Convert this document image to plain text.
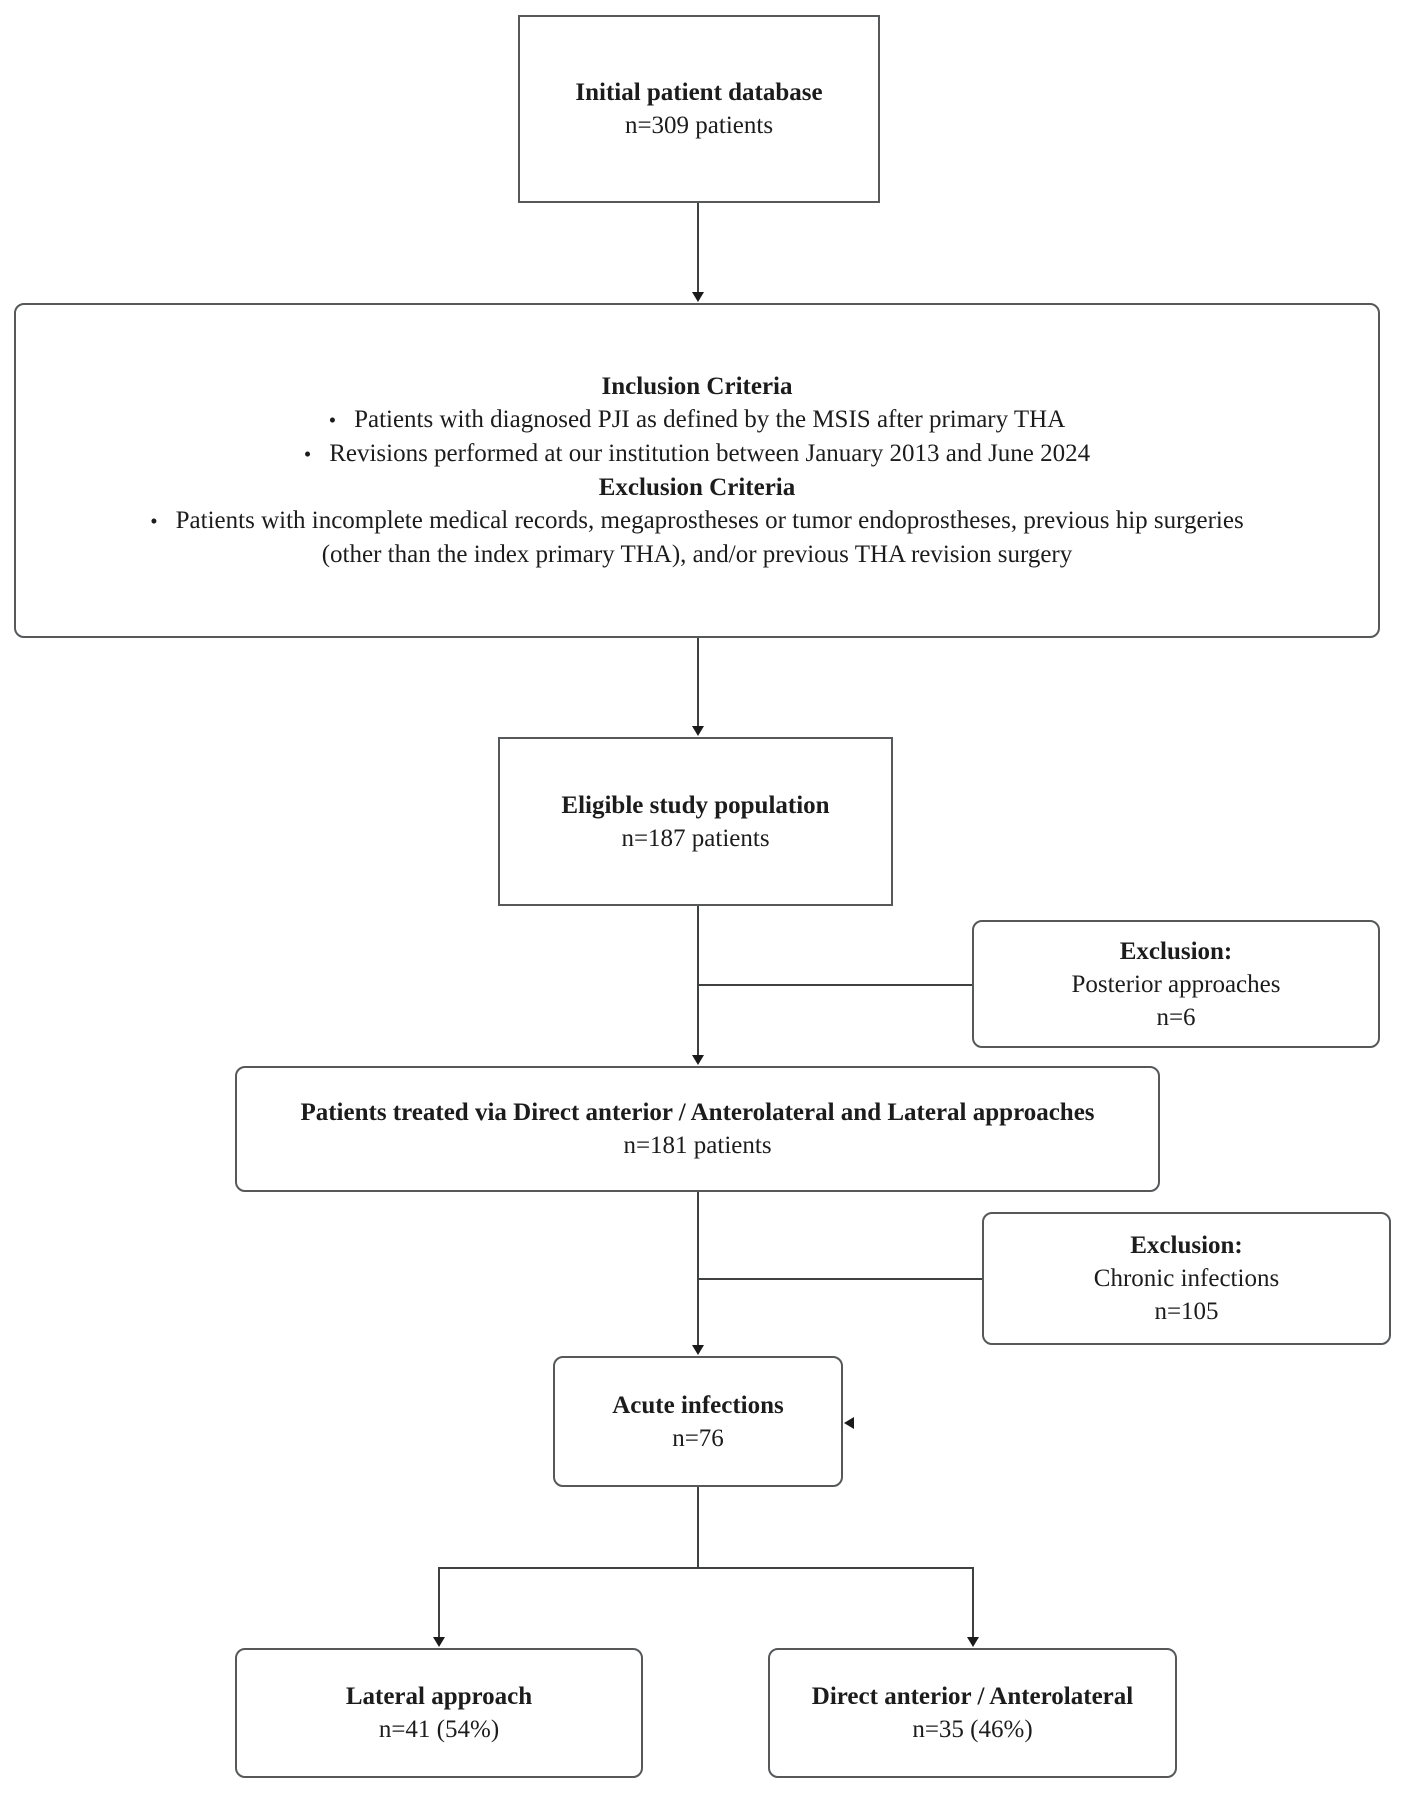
Initial patient database
n=309 patients
Inclusion Criteria
• Patients with diagnosed PJI as defined by the MSIS after primary THA
• Revisions performed at our institution between January 2013 and June 2024
Exclusion Criteria
• Patients with incomplete medical records, megaprostheses or tumor endoprostheses, previous hip surgeries
(other than the index primary THA), and/or previous THA revision surgery
Eligible study population
n=187 patients
Exclusion:
Posterior approaches
n=6
Patients treated via Direct anterior / Anterolateral and Lateral approaches
n=181 patients
Exclusion:
Chronic infections
n=105
Acute infections
n=76
Lateral approach
n=41 (54%)
Direct anterior / Anterolateral
n=35 (46%)
